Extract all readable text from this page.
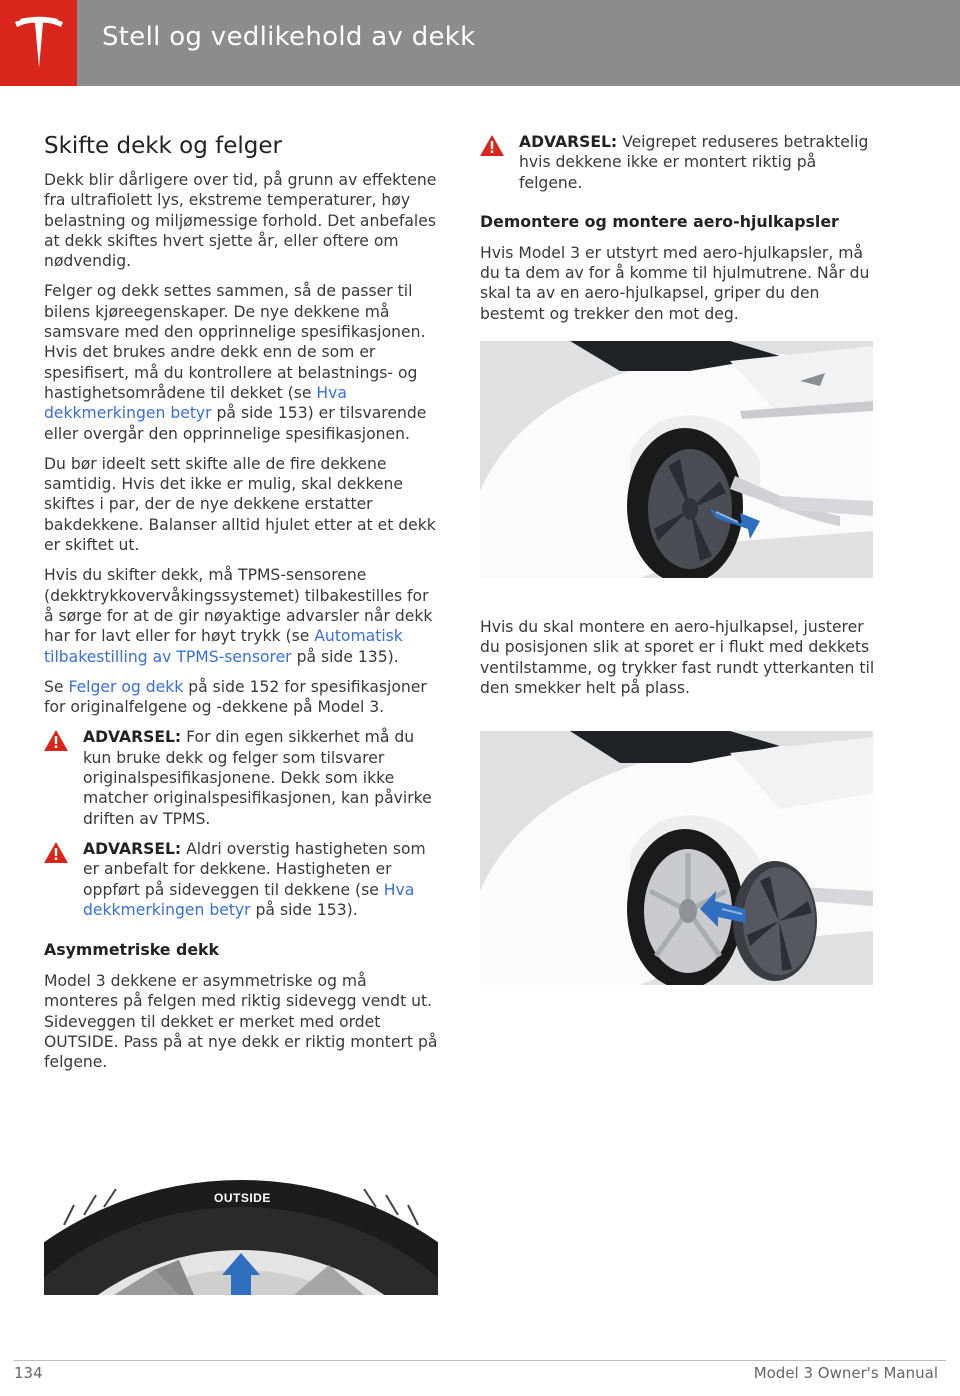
Stell og vedlikehold av dekk
Skifte dekk og felger

Dekk blir dårligere over tid, på grunn av effektene fra ultrafiolett lys, ekstreme temperaturer, høy belastning og miljømessige forhold. Det anbefales at dekk skiftes hvert sjette år, eller oftere om nødvendig.

Felger og dekk settes sammen, så de passer til bilens kjøreegenskaper. De nye dekkene må samsvare med den opprinnelige spesifikasjonen. Hvis det brukes andre dekk enn de som er spesifisert, må du kontrollere at belastnings- og hastighetsområdene til dekket (se Hva dekkmerkingen betyr på side 153) er tilsvarende eller overgår den opprinnelige spesifikasjonen.

Du bør ideelt sett skifte alle de fire dekkene samtidig. Hvis det ikke er mulig, skal dekkene skiftes i par, der de nye dekkene erstatter bakdekkene. Balanser alltid hjulet etter at et dekk er skiftet ut.

Hvis du skifter dekk, må TPMS-sensorene (dekktrykkovervåkingssystemet) tilbakestilles for å sørge for at de gir nøyaktige advarsler når dekk har for lavt eller for høyt trykk (se Automatisk tilbakestilling av TPMS-sensorer på side 135).

Se Felger og dekk på side 152 for spesifikasjoner for originalfelgene og -dekkene på Model 3.

ADVARSEL: For din egen sikkerhet må du kun bruke dekk og felger som tilsvarer originalspesifikasjonene. Dekk som ikke matcher originalspesifikasjonen, kan påvirke driften av TPMS.
ADVARSEL: Aldri overstig hastigheten som er anbefalt for dekkene. Hastigheten er oppført på sideveggen til dekkene (se Hva dekkmerkingen betyr på side 153).
Asymmetriske dekk

Model 3 dekkene er asymmetriske og må monteres på felgen med riktig sidevegg vendt ut. Sideveggen til dekket er merket med ordet OUTSIDE. Pass på at nye dekk er riktig montert på felgene.

OUTSIDE
ADVARSEL: Veigrepet reduseres betraktelig hvis dekkene ikke er montert riktig på felgene.
Demontere og montere aero-hjulkapsler

Hvis Model 3 er utstyrt med aero-hjulkapsler, må du ta dem av for å komme til hjulmutrene. Når du skal ta av en aero-hjulkapsel, griper du den bestemt og trekker den mot deg.

Hvis du skal montere en aero-hjulkapsel, justerer du posisjonen slik at sporet er i flukt med dekkets ventilstamme, og trykker fast rundt ytterkanten til den smekker helt på plass.

134	Model 3 Owner's Manual
